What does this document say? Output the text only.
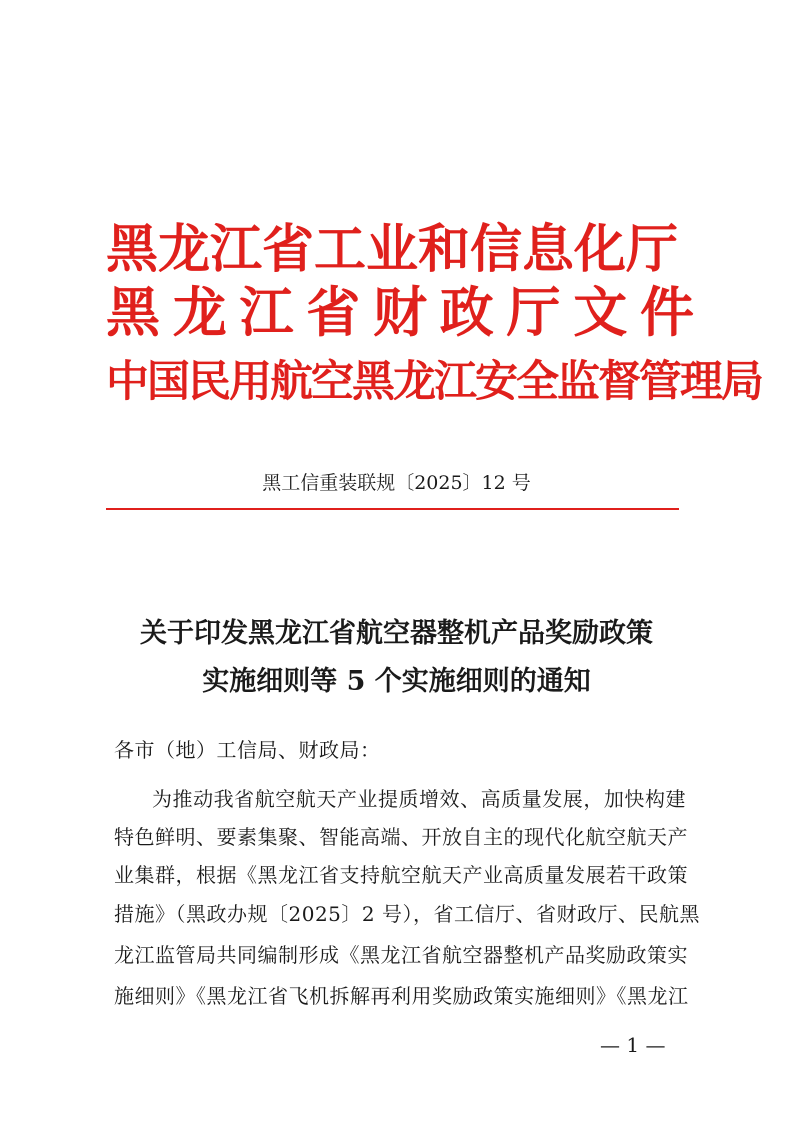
黑龙江省工业和信息化厅
黑龙江省财政厅文件
中国民用航空黑龙江安全监督管理局
黑工信重装联规〔2025〕12 号
关于印发黑龙江省航空器整机产品奖励政策
实施细则等 5 个实施细则的通知
各市（地）工信局、财政局：
为推动我省航空航天产业提质增效、高质量发展，加快构建
特色鲜明、要素集聚、智能高端、开放自主的现代化航空航天产
业集群，根据《黑龙江省支持航空航天产业高质量发展若干政策
措施》（黑政办规〔2025〕2 号），省工信厅、省财政厅、民航黑
龙江监管局共同编制形成《黑龙江省航空器整机产品奖励政策实
施细则》《黑龙江省飞机拆解再利用奖励政策实施细则》《黑龙江
— 1 —
